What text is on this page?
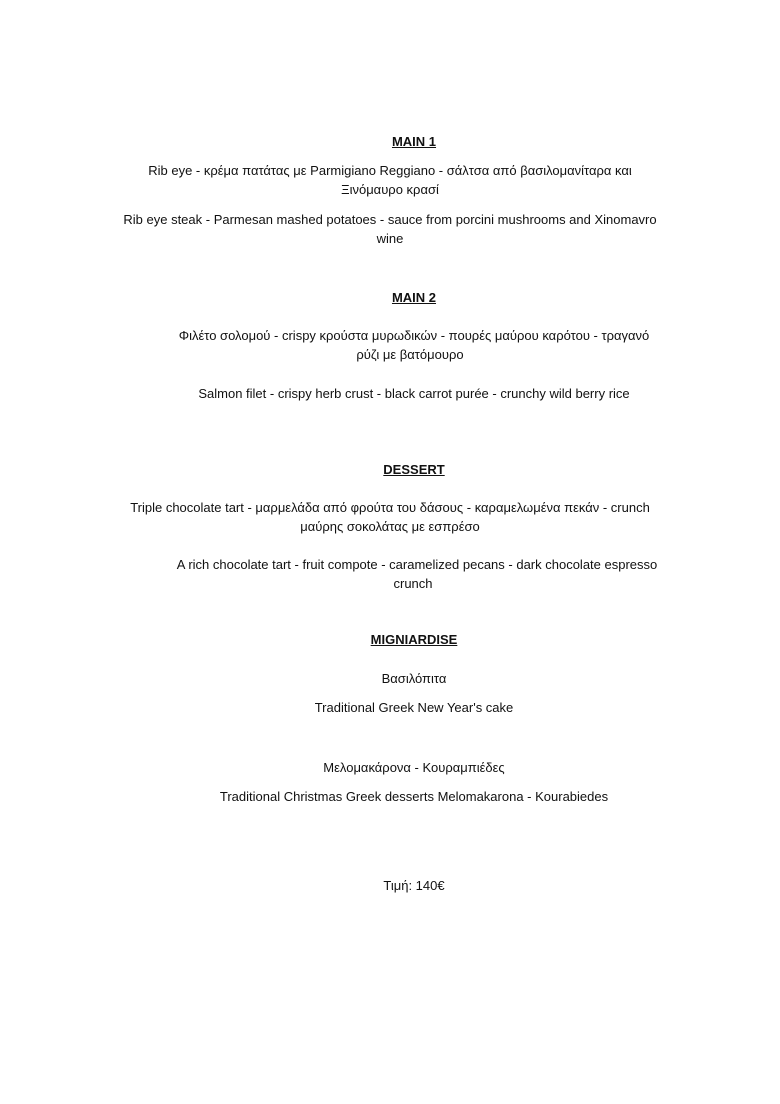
MAIN 1
Rib eye - κρέμα πατάτας με Parmigiano Reggiano - σάλτσα από βασιλομανίταρα και
Ξινόμαυρο κρασί
Rib eye steak - Parmesan mashed potatoes - sauce from porcini mushrooms and Xinomavro
wine
MAIN 2
Φιλέτο σολομού - crispy κρούστα μυρωδικών - πουρές μαύρου καρότου - τραγανό
ρύζι με βατόμουρο
Salmon filet - crispy herb crust - black carrot purée - crunchy wild berry rice
DESSERT
Triple chocolate tart - μαρμελάδα από φρούτα του δάσους - καραμελωμένα πεκάν - crunch
μαύρης σοκολάτας με εσπρέσο
A rich chocolate tart - fruit compote - caramelized pecans - dark chocolate espresso
crunch
MIGNIARDISE
Βασιλόπιτα
Traditional Greek New Year's cake
Μελομακάρονα - Κουραμπιέδες
Traditional Christmas Greek desserts Melomakarona - Kourabiedes
Τιμή: 140€
